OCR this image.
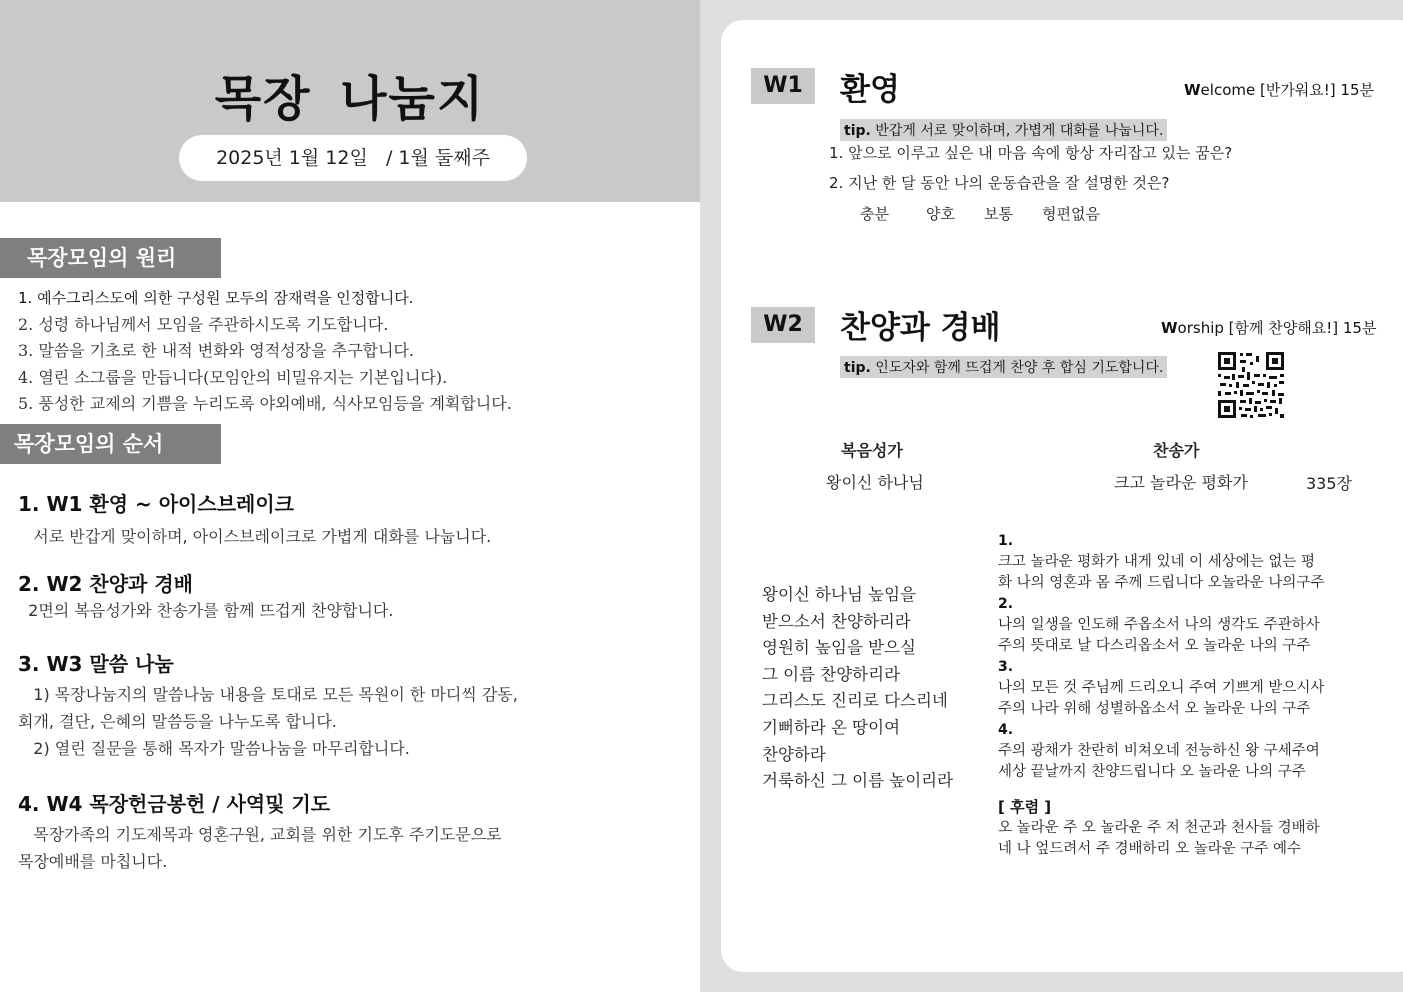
목장 나눔지
2025년 1월 12일   / 1월 둘째주
목장모임의 원리
1. 예수그리스도에 의한 구성원 모두의 잠재력을 인정합니다.
2. 성령 하나님께서 모임을 주관하시도록 기도합니다.
3. 말씀을 기초로 한 내적 변화와 영적성장을 추구합니다.
4. 열린 소그룹을 만듭니다(모임안의 비밀유지는 기본입니다).
5. 풍성한 교제의 기쁨을 누리도록 야외예배, 식사모임등을 계획합니다.
목장모임의 순서

1. W1 환영 ~ 아이스브레이크

서로 반갑게 맞이하며, 아이스브레이크로 가볍게 대화를 나눕니다.

2. W2 찬양과 경배

2면의 복음성가와 찬송가를 함께 뜨겁게 찬양합니다.

3. W3 말씀 나눔

1) 목장나눔지의 말씀나눔 내용을 토대로 모든 목원이 한 마디씩 감동,

회개, 결단, 은혜의 말씀등을 나누도록 합니다.

2) 열린 질문을 통해 목자가 말씀나눔을 마무리합니다.

4. W4 목장헌금봉헌 / 사역및 기도

목장가족의 기도제목과 영혼구원, 교회를 위한 기도후 주기도문으로

목장예배를 마칩니다.

W1	환영	Welcome [반가워요!] 15분
tip. 반갑게 서로 맞이하며, 가볍게 대화를 나눕니다.
1. 앞으로 이루고 싶은 내 마음 속에 항상 자리잡고 있는 꿈은?
2. 지난 한 달 동안 나의 운동습관을 잘 설명한 것은?
충분 양호 보통 형편없음
W2	찬양과 경배	Worship [함께 찬양해요!] 15분
tip. 인도자와 함께 뜨겁게 찬양 후 합심 기도합니다.
복음성가	찬송가
왕이신 하나님	크고 놀라운 평화가	335장
왕이신 하나님 높임을
받으소서 찬양하리라
영원히 높임을 받으실
그 이름 찬양하리라
그리스도 진리로 다스리네
기뻐하라 온 땅이여
찬양하라
거룩하신 그 이름 높이리라
1.
크고 놀라운 평화가 내게 있네 이 세상에는 없는 평
화 나의 영혼과 몸 주께 드립니다 오놀라운 나의구주
2.
나의 일생을 인도해 주옵소서 나의 생각도 주관하사
주의 뜻대로 날 다스리옵소서 오 놀라운 나의 구주
3.
나의 모든 것 주님께 드리오니 주여 기쁘게 받으시사
주의 나라 위해 성별하옵소서 오 놀라운 나의 구주
4.
주의 광채가 찬란히 비쳐오네 전능하신 왕 구세주여
세상 끝날까지 찬양드립니다 오 놀라운 나의 구주
[ 후렴 ]
오 놀라운 주 오 놀라운 주 저 천군과 천사들 경배하
네 나 엎드려서 주 경배하리 오 놀라운 구주 예수
